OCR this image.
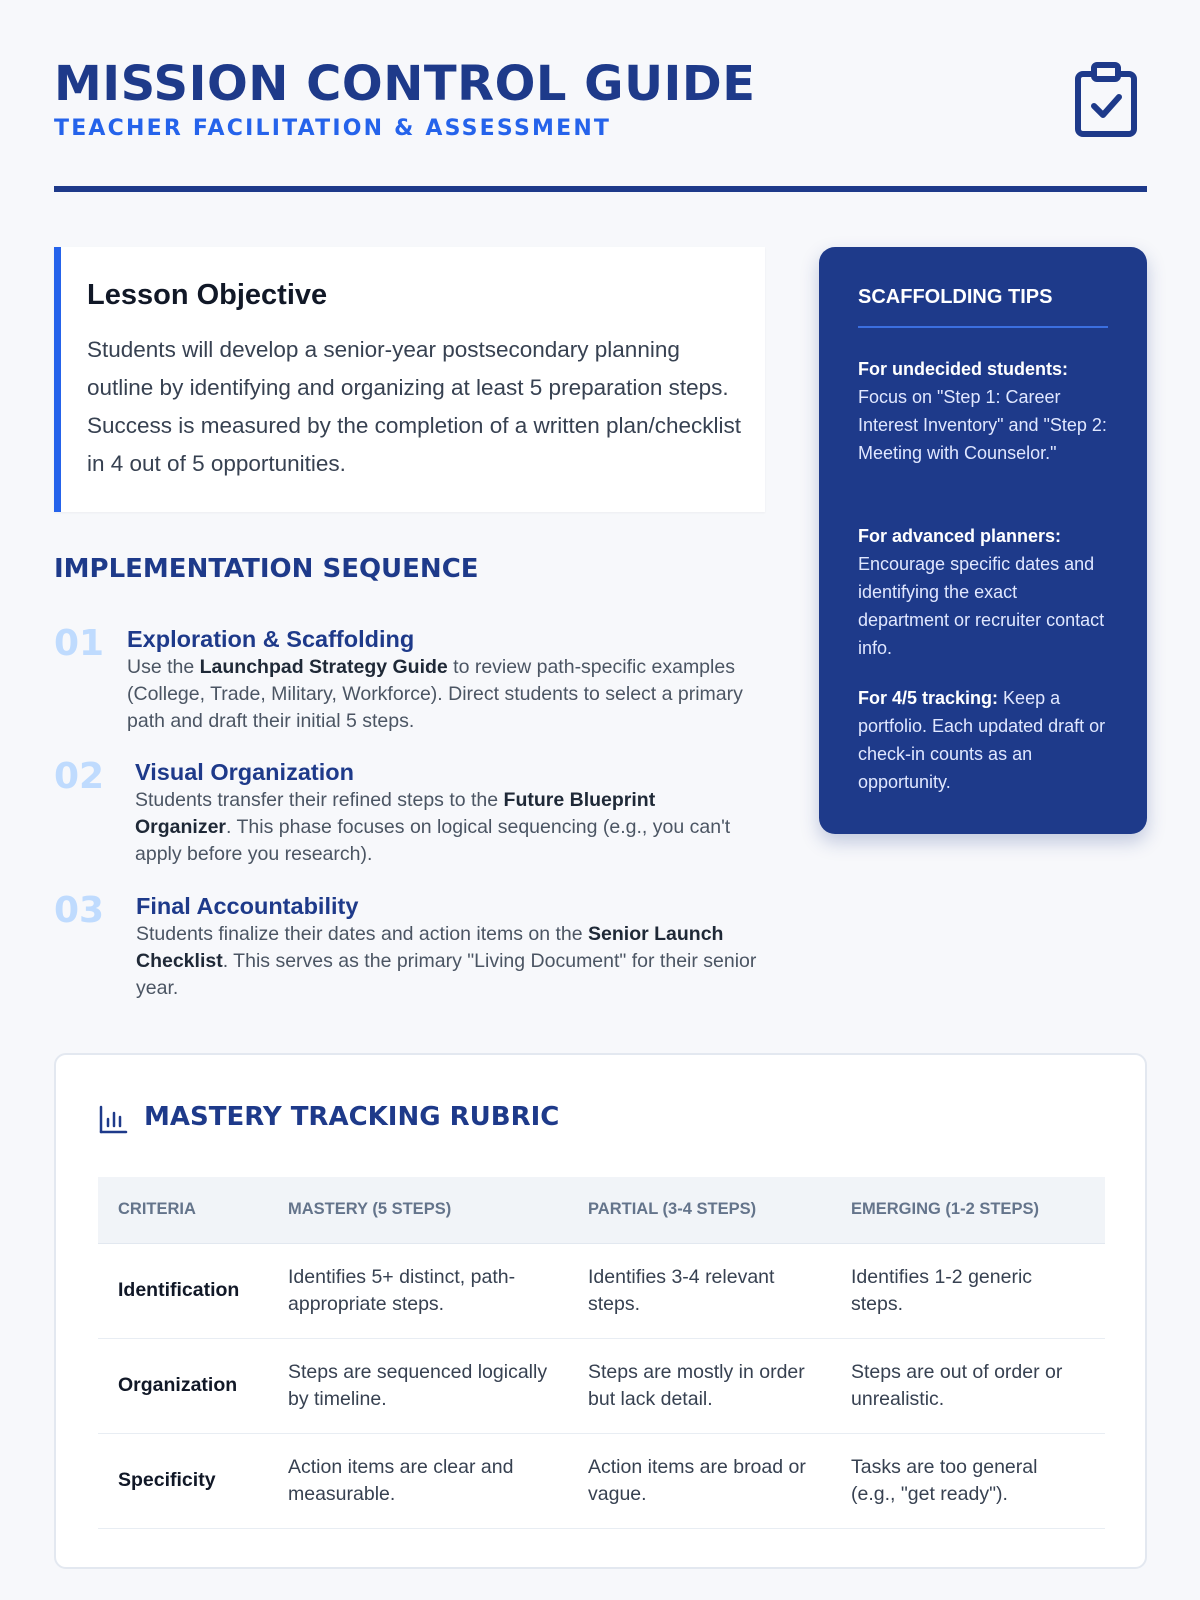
MISSION CONTROL GUIDE
TEACHER FACILITATION & ASSESSMENT
Lesson Objective

Students will develop a senior-year postsecondary planning outline by identifying and organizing at least 5 preparation steps. Success is measured by the completion of a written plan/checklist in 4 out of 5 opportunities.

IMPLEMENTATION SEQUENCE
01 Exploration & Scaffolding
Use the Launchpad Strategy Guide to review path-specific examples (College, Trade, Military, Workforce). Direct students to select a primary path and draft their initial 5 steps.
02 Visual Organization
Students transfer their refined steps to the Future Blueprint Organizer. This phase focuses on logical sequencing (e.g., you can't apply before you research).
03 Final Accountability
Students finalize their dates and action items on the Senior Launch Checklist. This serves as the primary "Living Document" for their senior year.
SCAFFOLDING TIPS
For undecided students: Focus on "Step 1: Career Interest Inventory" and "Step 2: Meeting with Counselor."
For advanced planners: Encourage specific dates and identifying the exact department or recruiter contact info.
For 4/5 tracking: Keep a portfolio. Each updated draft or check-in counts as an opportunity.
MASTERY TRACKING RUBRIC
CRITERIA	MASTERY (5 STEPS)	PARTIAL (3-4 STEPS)	EMERGING (1-2 STEPS)
Identification	Identifies 5+ distinct, path-appropriate steps.	Identifies 3-4 relevant steps.	Identifies 1-2 generic steps.
Organization	Steps are sequenced logically by timeline.	Steps are mostly in order but lack detail.	Steps are out of order or unrealistic.
Specificity	Action items are clear and measurable.	Action items are broad or vague.	Tasks are too general (e.g., "get ready").
